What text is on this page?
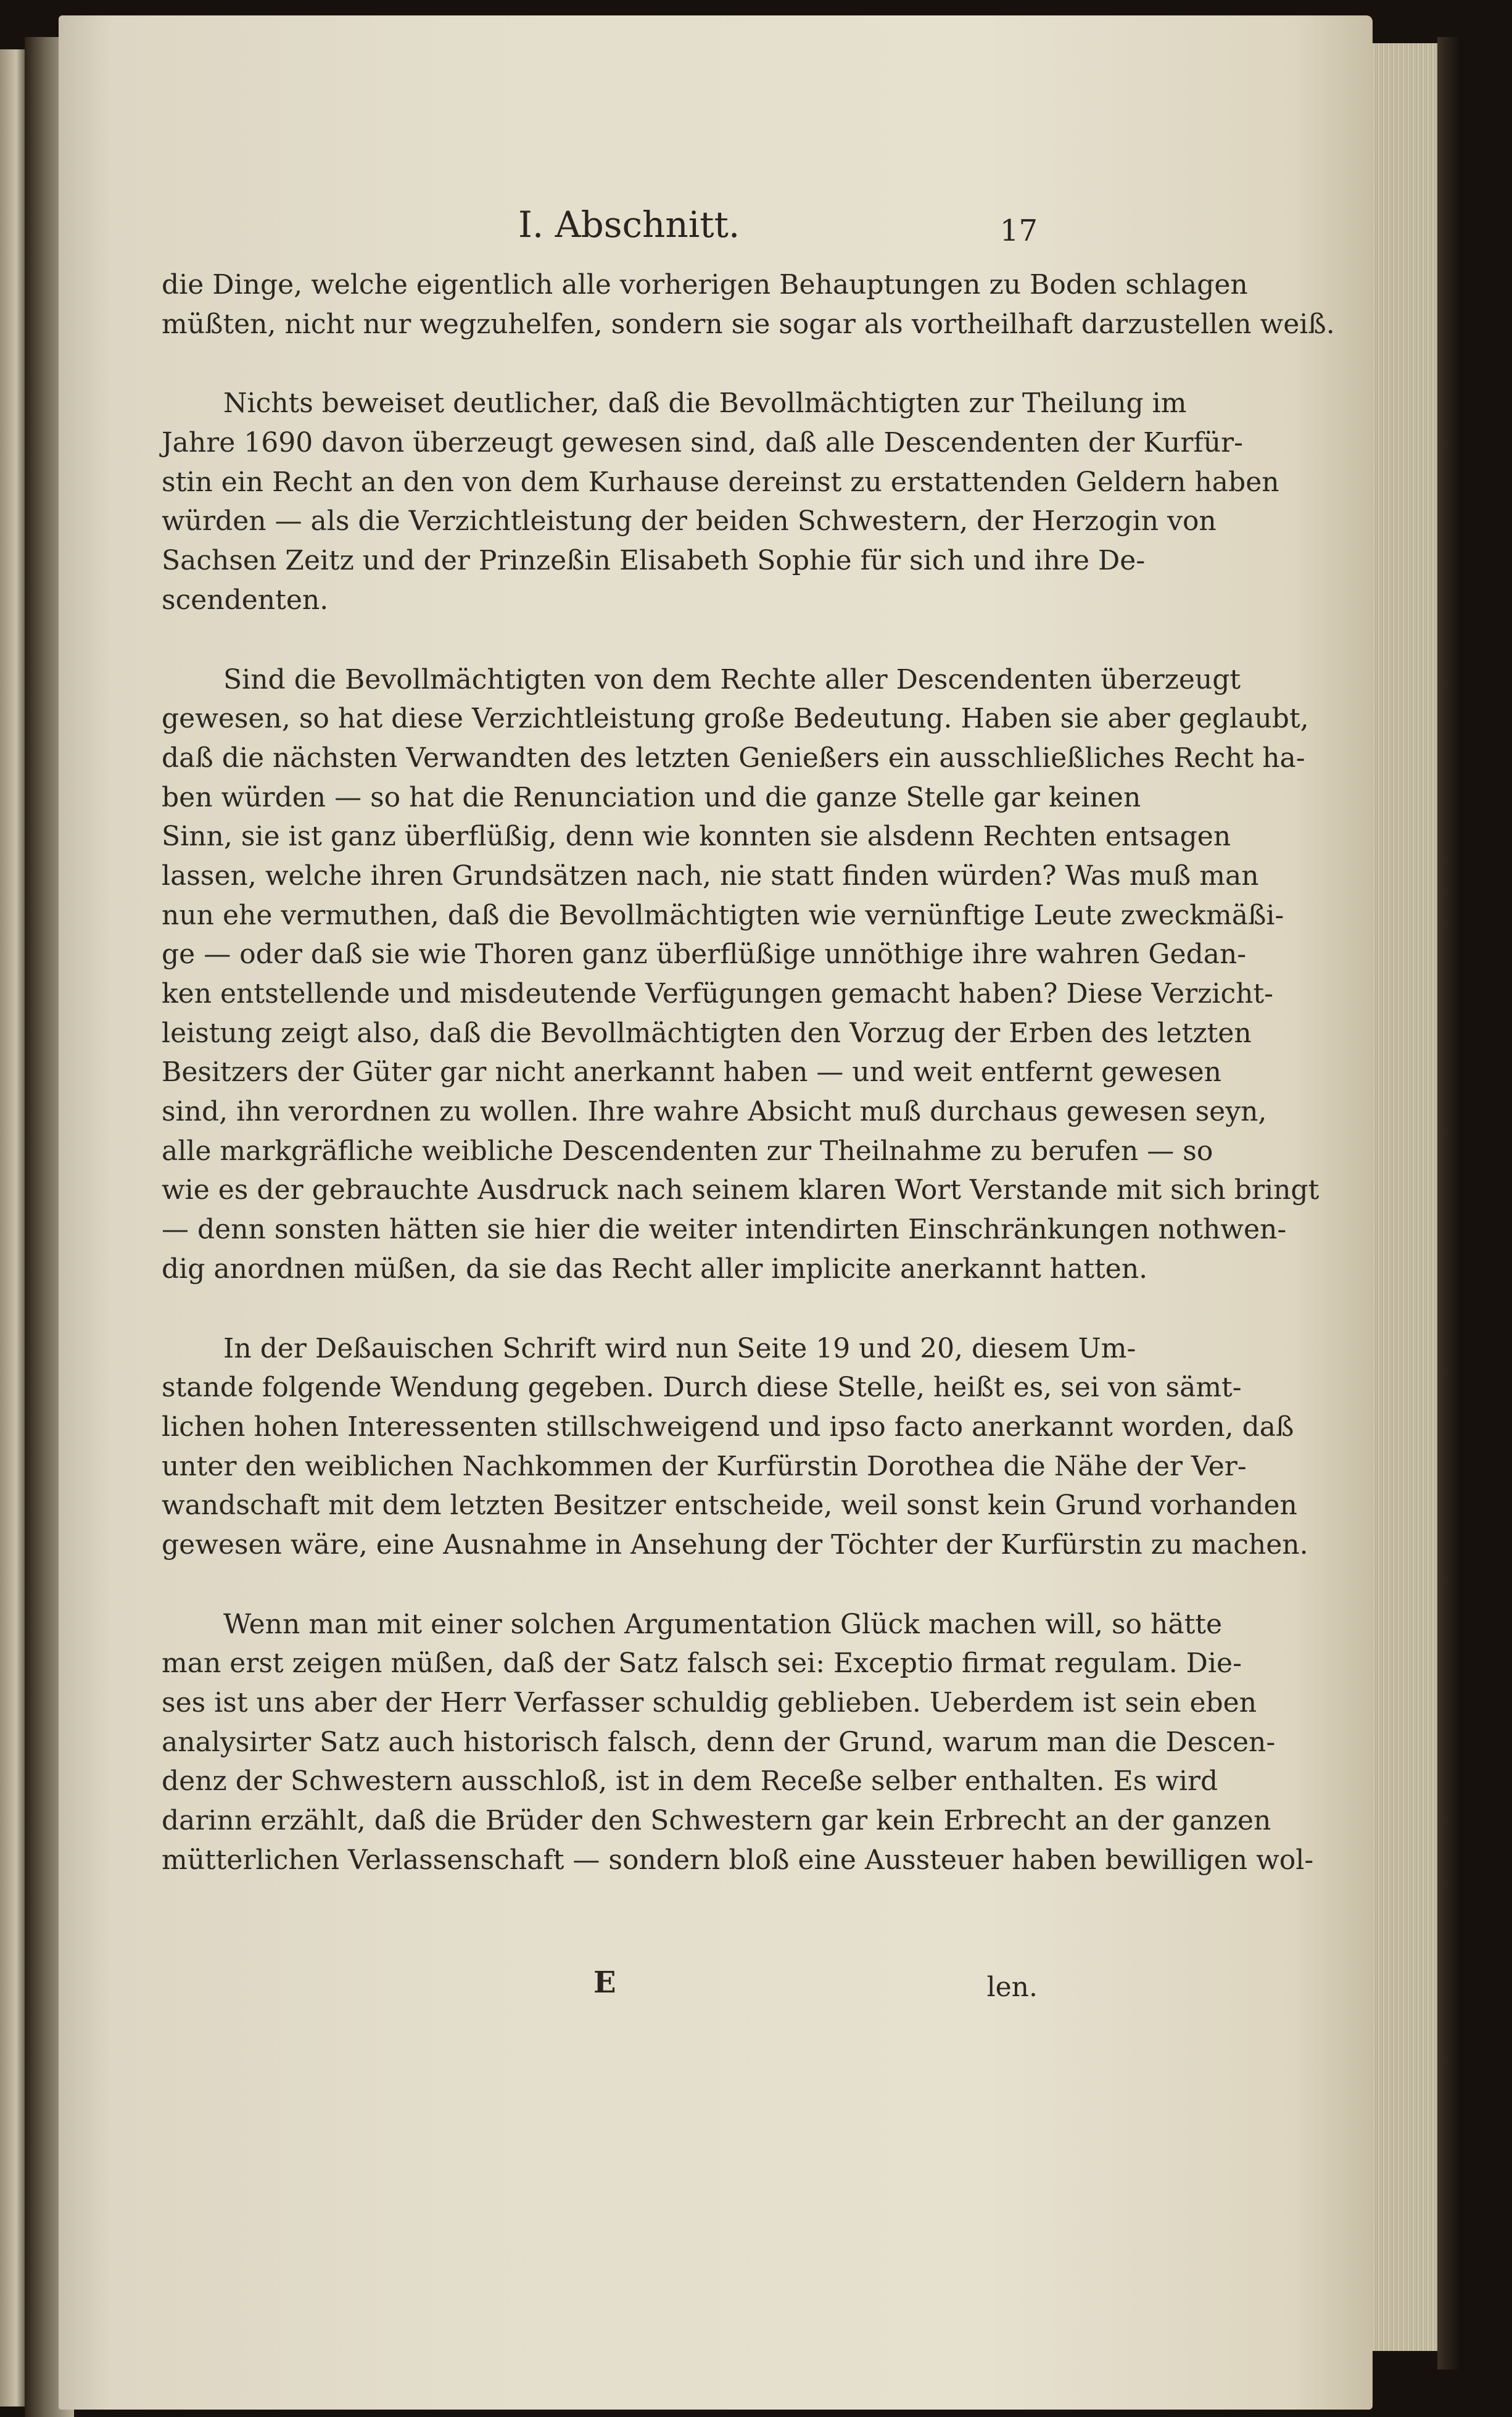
I. Abschnitt.	17
die Dinge, welche eigentlich alle vorherigen Behauptungen zu Boden schlagen
müßten, nicht nur wegzuhelfen, sondern sie sogar als vortheilhaft darzustellen weiß.
Nichts beweiset deutlicher, daß die Bevollmächtigten zur Theilung im
Jahre 1690 davon überzeugt gewesen sind, daß alle Descendenten der Kurfür-
stin ein Recht an den von dem Kurhause dereinst zu erstattenden Geldern haben
würden — als die Verzichtleistung der beiden Schwestern, der Herzogin von
Sachsen Zeitz und der Prinzeßin Elisabeth Sophie für sich und ihre De-
scendenten.
Sind die Bevollmächtigten von dem Rechte aller Descendenten überzeugt
gewesen, so hat diese Verzichtleistung große Bedeutung. Haben sie aber geglaubt,
daß die nächsten Verwandten des letzten Genießers ein ausschließliches Recht ha-
ben würden — so hat die Renunciation und die ganze Stelle gar keinen
Sinn, sie ist ganz überflüßig, denn wie konnten sie alsdenn Rechten entsagen
lassen, welche ihren Grundsätzen nach, nie statt finden würden? Was muß man
nun ehe vermuthen, daß die Bevollmächtigten wie vernünftige Leute zweckmäßi-
ge — oder daß sie wie Thoren ganz überflüßige unnöthige ihre wahren Gedan-
ken entstellende und misdeutende Verfügungen gemacht haben? Diese Verzicht-
leistung zeigt also, daß die Bevollmächtigten den Vorzug der Erben des letzten
Besitzers der Güter gar nicht anerkannt haben — und weit entfernt gewesen
sind, ihn verordnen zu wollen. Ihre wahre Absicht muß durchaus gewesen seyn,
alle markgräfliche weibliche Descendenten zur Theilnahme zu berufen — so
wie es der gebrauchte Ausdruck nach seinem klaren Wort Verstande mit sich bringt
— denn sonsten hätten sie hier die weiter intendirten Einschränkungen nothwen-
dig anordnen müßen, da sie das Recht aller implicite anerkannt hatten.
In der Deßauischen Schrift wird nun Seite 19 und 20, diesem Um-
stande folgende Wendung gegeben. Durch diese Stelle, heißt es, sei von sämt-
lichen hohen Interessenten stillschweigend und ipso facto anerkannt worden, daß
unter den weiblichen Nachkommen der Kurfürstin Dorothea die Nähe der Ver-
wandschaft mit dem letzten Besitzer entscheide, weil sonst kein Grund vorhanden
gewesen wäre, eine Ausnahme in Ansehung der Töchter der Kurfürstin zu machen.
Wenn man mit einer solchen Argumentation Glück machen will, so hätte
man erst zeigen müßen, daß der Satz falsch sei: Exceptio firmat regulam. Die-
ses ist uns aber der Herr Verfasser schuldig geblieben. Ueberdem ist sein eben
analysirter Satz auch historisch falsch, denn der Grund, warum man die Descen-
denz der Schwestern ausschloß, ist in dem Receße selber enthalten. Es wird
darinn erzählt, daß die Brüder den Schwestern gar kein Erbrecht an der ganzen
mütterlichen Verlassenschaft — sondern bloß eine Aussteuer haben bewilligen wol-
E	len.
